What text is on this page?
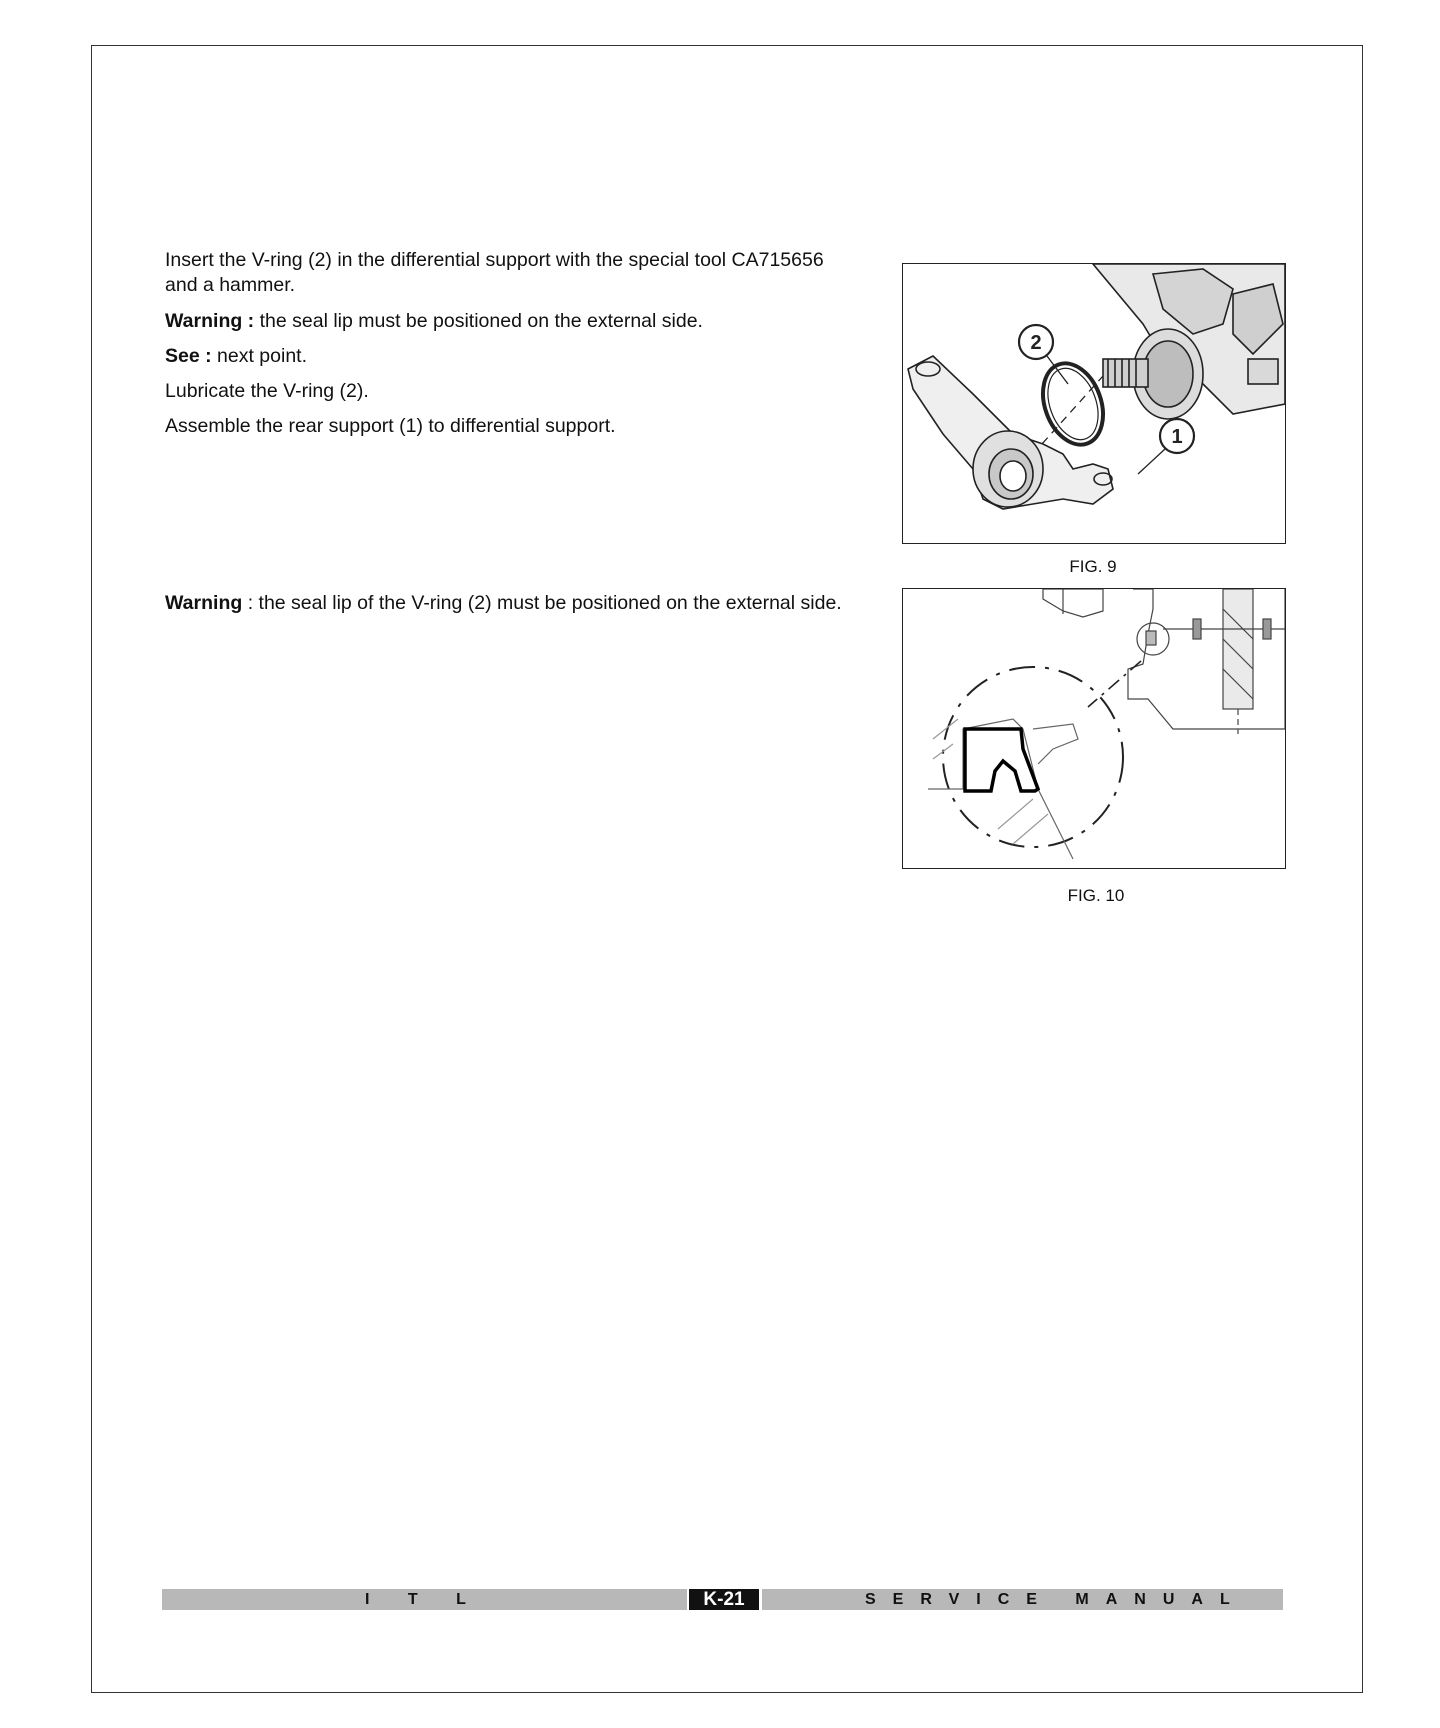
Insert the V-ring (2) in the differential support with the special tool CA715656
and a hammer.
Warning : the seal lip must be positioned on the external side.
See : next point.
Lubricate the V-ring (2).
Assemble the rear support (1) to differential support.
Warning : the seal lip of the V-ring (2) must be positioned on the external side.
2
1
FIG. 9
FIG. 10
I T L	K-21	SERVICE MANUAL
